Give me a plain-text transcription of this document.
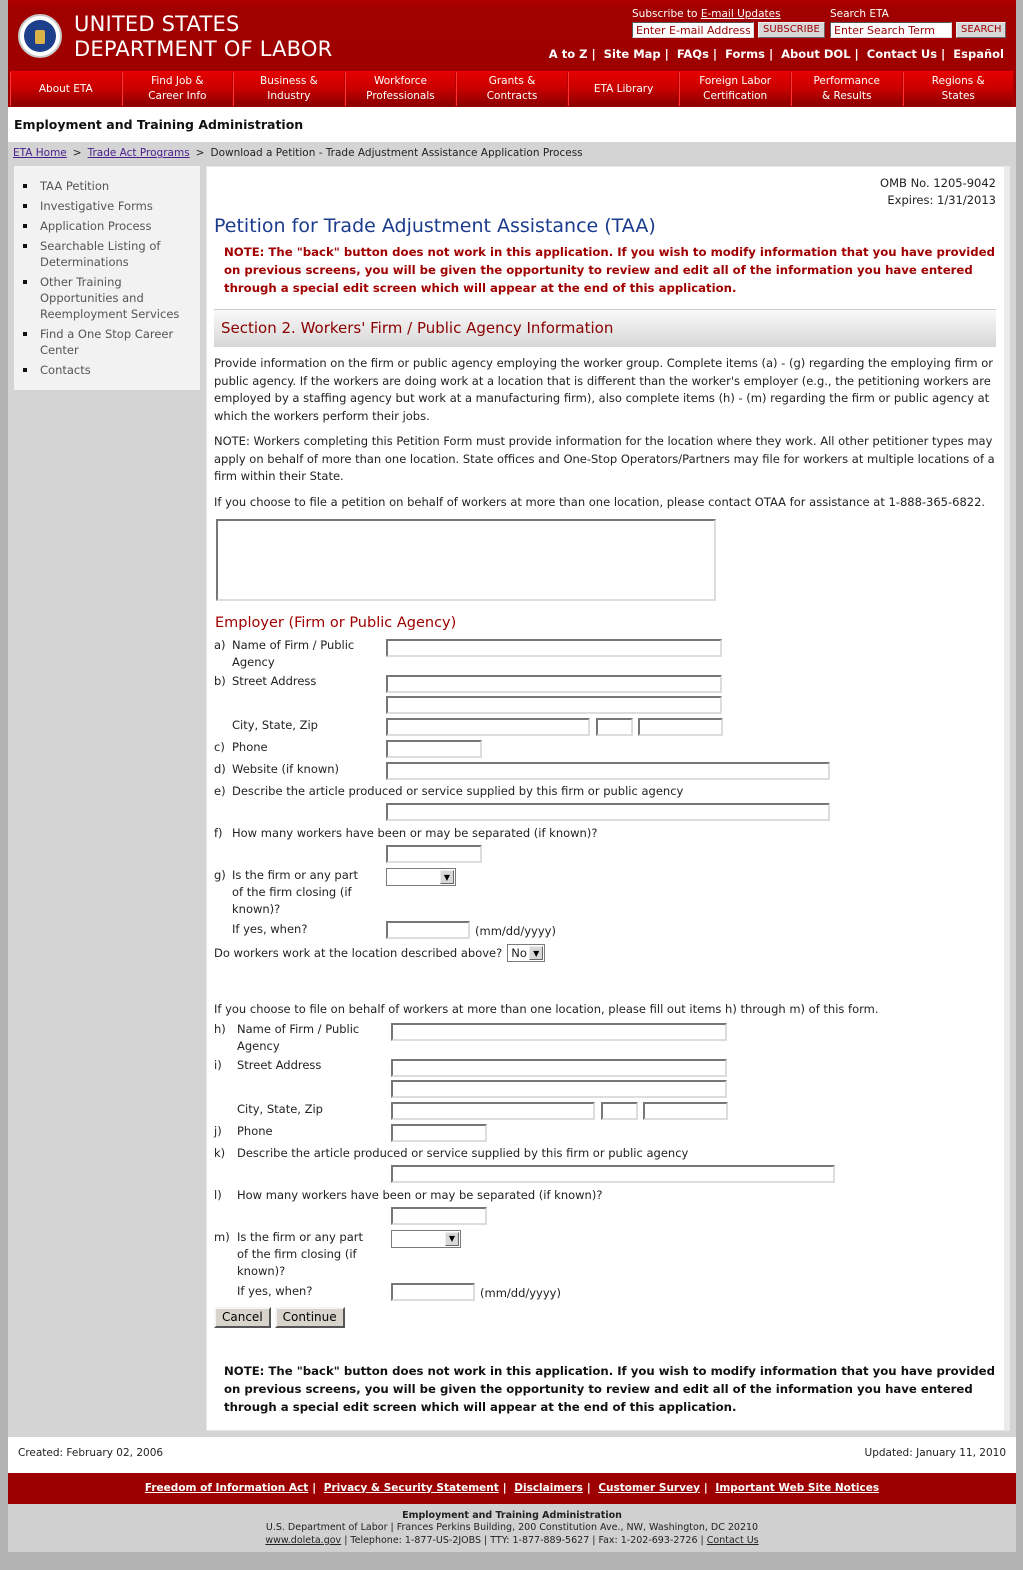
UNITED STATES
DEPARTMENT OF LABOR
Subscribe to E-mail Updates
Enter E-mail Address
SUBSCRIBE
Search ETA
Enter Search Term
SEARCH
A to Z | Site Map | FAQs | Forms | About DOL | Contact Us | Español
About ETA
Find Job &
Career Info
Business &
Industry
Workforce
Professionals
Grants &
Contracts
ETA Library
Foreign Labor
Certification
Performance
& Results
Regions &
States
Employment and Training Administration
ETA Home > Trade Act Programs > Download a Petition - Trade Adjustment Assistance Application Process
TAA Petition
Investigative Forms
Application Process
Searchable Listing of Determinations
Other Training Opportunities and Reemployment Services
Find a One Stop Career Center
Contacts
OMB No. 1205-9042
Expires: 1/31/2013
Petition for Trade Adjustment Assistance (TAA)
NOTE: The "back" button does not work in this application. If you wish to modify information that you have provided on previous screens, you will be given the opportunity to review and edit all of the information you have entered through a special edit screen which will appear at the end of this application.
Section 2. Workers' Firm / Public Agency Information

Provide information on the firm or public agency employing the worker group. Complete items (a) - (g) regarding the employing firm or public agency. If the workers are doing work at a location that is different than the worker's employer (e.g., the petitioning workers are employed by a staffing agency but work at a manufacturing firm), also complete items (h) - (m) regarding the firm or public agency at which the workers perform their jobs.

NOTE: Workers completing this Petition Form must provide information for the location where they work. All other petitioner types may apply on behalf of more than one location. State offices and One-Stop Operators/Partners may file for workers at multiple locations of a firm within their State.

If you choose to file a petition on behalf of workers at more than one location, please contact OTAA for assistance at 1-888-365-6822.

Employer (Firm or Public Agency)
a) Name of Firm / Public Agency
b) Street Address
City, State, Zip
c) Phone
d) Website (if known)
e) Describe the article produced or service supplied by this firm or public agency
f) How many workers have been or may be separated (if known)?
g) Is the firm or any part of the firm closing (if known)?
▼
If yes, when?	(mm/dd/yyyy)
Do workers work at the location described above? No ▼

If you choose to file on behalf of workers at more than one location, please fill out items h) through m) of this form.

h) Name of Firm / Public Agency
i)	Street Address
City, State, Zip
j)	Phone
k)	Describe the article produced or service supplied by this firm or public agency
l)	How many workers have been or may be separated (if known)?
m) Is the firm or any part of the firm closing (if known)?
▼
If yes, when?	(mm/dd/yyyy)
Cancel	Continue
NOTE: The "back" button does not work in this application. If you wish to modify information that you have provided on previous screens, you will be given the opportunity to review and edit all of the information you have entered through a special edit screen which will appear at the end of this application.
Created: February 02, 2006	Updated: January 11, 2010
Freedom of Information Act | Privacy & Security Statement | Disclaimers | Customer Survey | Important Web Site Notices
Employment and Training Administration
U.S. Department of Labor | Frances Perkins Building, 200 Constitution Ave., NW, Washington, DC 20210
www.doleta.gov | Telephone: 1-877-US-2JOBS | TTY: 1-877-889-5627 | Fax: 1-202-693-2726 | Contact Us
